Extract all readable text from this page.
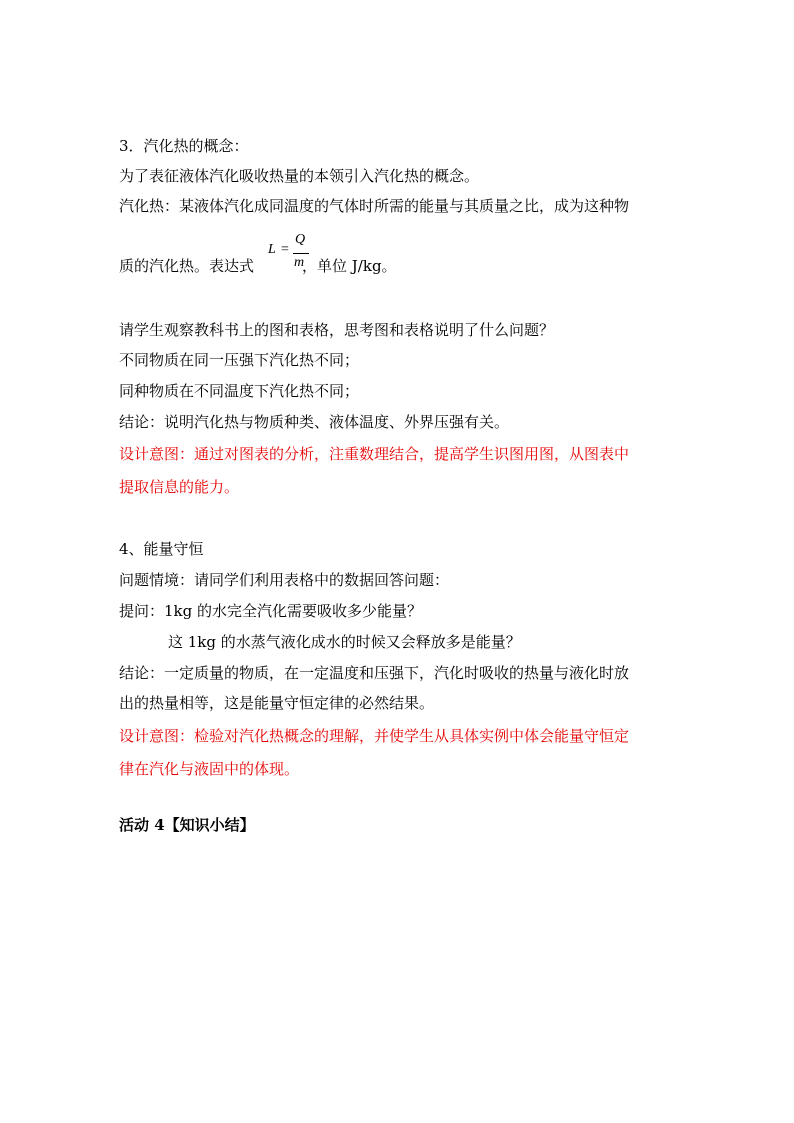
3．汽化热的概念：
为了表征液体汽化吸收热量的本领引入汽化热的概念。
汽化热：某液体汽化成同温度的气体时所需的能量与其质量之比，成为这种物
质的汽化热。表达式	，单位 J/kg。
L =
Q
m
请学生观察教科书上的图和表格，思考图和表格说明了什么问题？
不同物质在同一压强下汽化热不同；
同种物质在不同温度下汽化热不同；
结论：说明汽化热与物质种类、液体温度、外界压强有关。
设计意图：通过对图表的分析，注重数理结合，提高学生识图用图，从图表中
提取信息的能力。
4、能量守恒
问题情境：请同学们利用表格中的数据回答问题：
提问：1kg 的水完全汽化需要吸收多少能量？
这 1kg 的水蒸气液化成水的时候又会释放多是能量？
结论：一定质量的物质，在一定温度和压强下，汽化时吸收的热量与液化时放
出的热量相等，这是能量守恒定律的必然结果。
设计意图：检验对汽化热概念的理解，并使学生从具体实例中体会能量守恒定
律在汽化与液固中的体现。
活动 4【知识小结】
